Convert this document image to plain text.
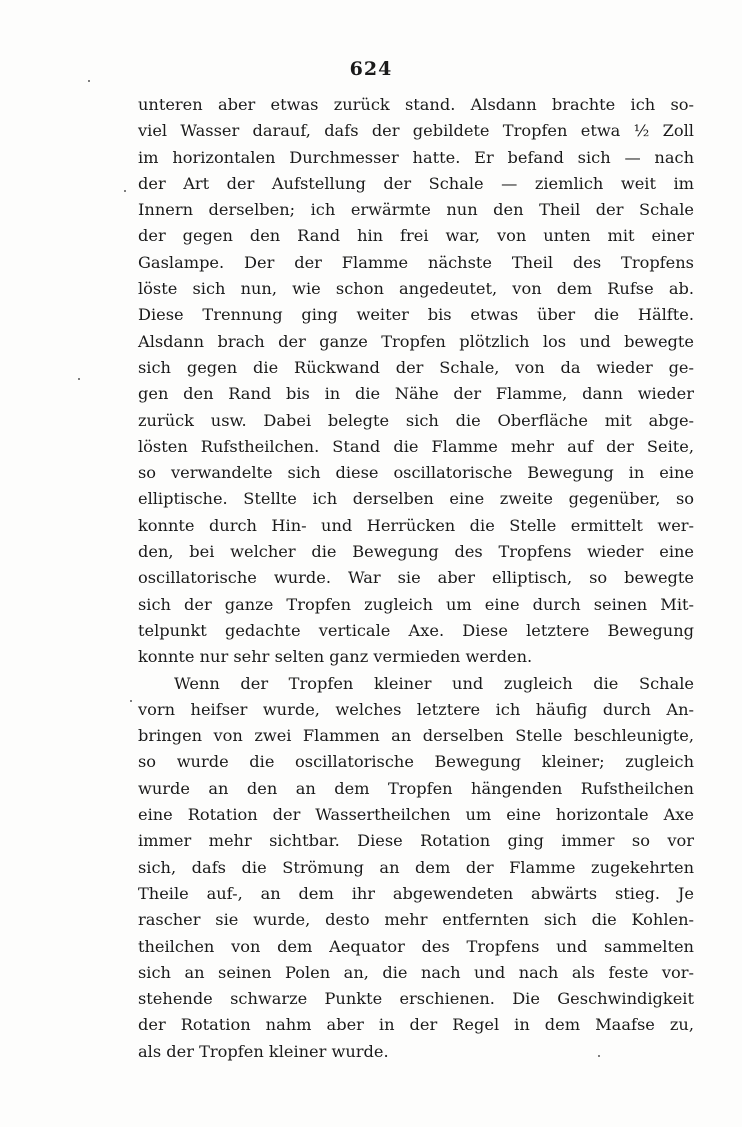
624
unteren aber etwas zurück stand. Alsdann brachte ich so-
viel Wasser darauf, dafs der gebildete Tropfen etwa ½ Zoll
im horizontalen Durchmesser hatte. Er befand sich — nach
der Art der Aufstellung der Schale — ziemlich weit im
Innern derselben; ich erwärmte nun den Theil der Schale
der gegen den Rand hin frei war, von unten mit einer
Gaslampe. Der der Flamme nächste Theil des Tropfens
löste sich nun, wie schon angedeutet, von dem Rufse ab.
Diese Trennung ging weiter bis etwas über die Hälfte.
Alsdann brach der ganze Tropfen plötzlich los und bewegte
sich gegen die Rückwand der Schale, von da wieder ge-
gen den Rand bis in die Nähe der Flamme, dann wieder
zurück usw. Dabei belegte sich die Oberfläche mit abge-
lösten Rufstheilchen. Stand die Flamme mehr auf der Seite,
so verwandelte sich diese oscillatorische Bewegung in eine
elliptische. Stellte ich derselben eine zweite gegenüber, so
konnte durch Hin- und Herrücken die Stelle ermittelt wer-
den, bei welcher die Bewegung des Tropfens wieder eine
oscillatorische wurde. War sie aber elliptisch, so bewegte
sich der ganze Tropfen zugleich um eine durch seinen Mit-
telpunkt gedachte verticale Axe. Diese letztere Bewegung
konnte nur sehr selten ganz vermieden werden.
Wenn der Tropfen kleiner und zugleich die Schale
vorn heifser wurde, welches letztere ich häufig durch An-
bringen von zwei Flammen an derselben Stelle beschleunigte,
so wurde die oscillatorische Bewegung kleiner; zugleich
wurde an den an dem Tropfen hängenden Rufstheilchen
eine Rotation der Wassertheilchen um eine horizontale Axe
immer mehr sichtbar. Diese Rotation ging immer so vor
sich, dafs die Strömung an dem der Flamme zugekehrten
Theile auf-, an dem ihr abgewendeten abwärts stieg. Je
rascher sie wurde, desto mehr entfernten sich die Kohlen-
theilchen von dem Aequator des Tropfens und sammelten
sich an seinen Polen an, die nach und nach als feste vor-
stehende schwarze Punkte erschienen. Die Geschwindigkeit
der Rotation nahm aber in der Regel in dem Maafse zu,
als der Tropfen kleiner wurde.
